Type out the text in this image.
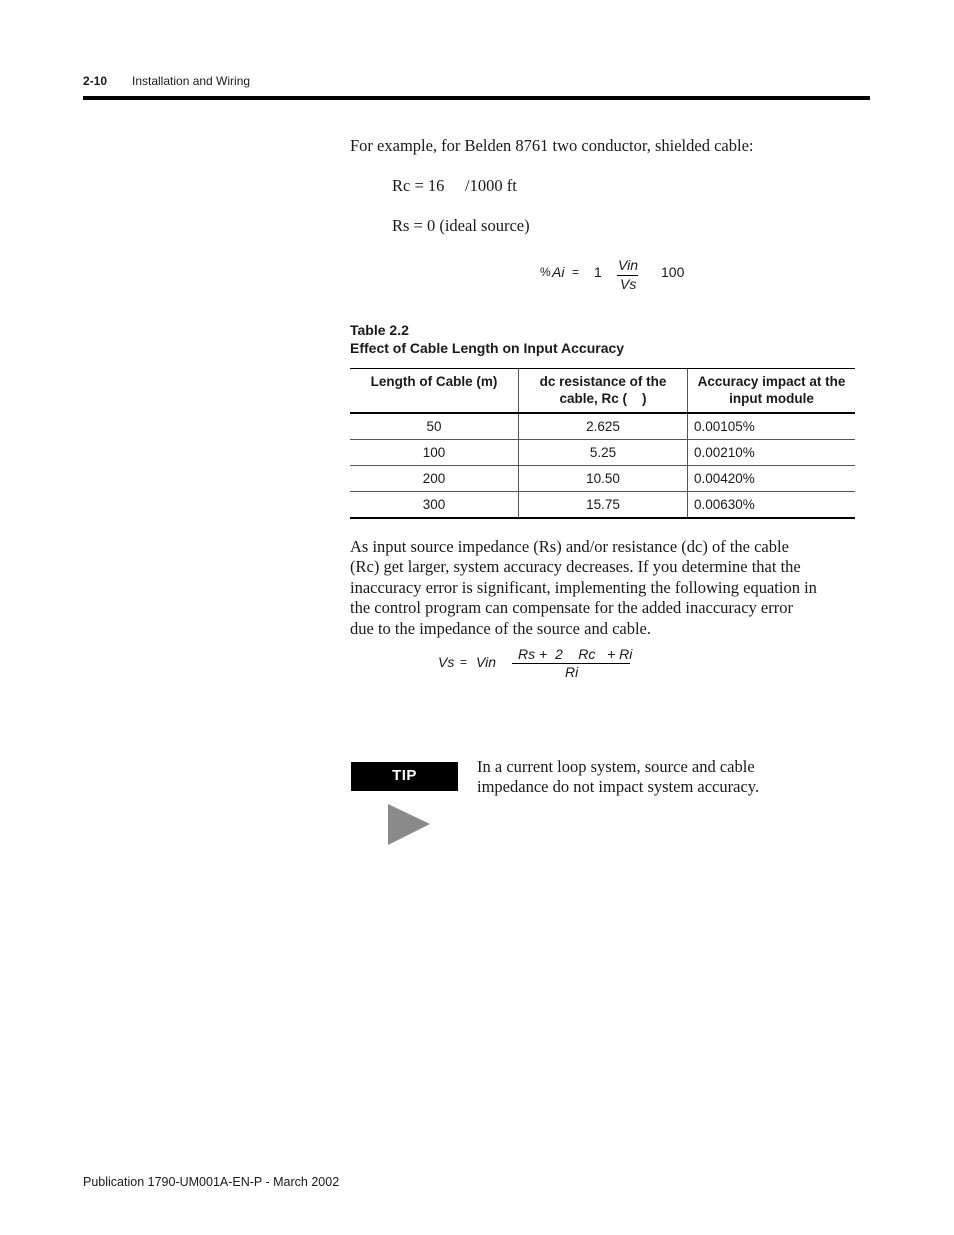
2-10 Installation and Wiring
For example, for Belden 8761 two conductor, shielded cable:
Rc = 16     /1000 ft
Rs = 0 (ideal source)
% Ai = 1 Vin
Vs
100
Table 2.2
Effect of Cable Length on Input Accuracy
Length of Cable (m)	dc resistance of the cable, Rc (    )	Accuracy impact at the input module
50	2.625	0.00105%
100	5.25	0.00210%
200	10.50	0.00420%
300	15.75	0.00630%
As input source impedance (Rs) and/or resistance (dc) of the cable
(Rc) get larger, system accuracy decreases. If you determine that the
inaccuracy error is significant, implementing the following equation in
the control program can compensate for the added inaccuracy error
due to the impedance of the source and cable.
Vs = Vin Rs +  2    Rc   + Ri
Ri
TIP	In a current loop system, source and cable
impedance do not impact system accuracy.
Publication 1790-UM001A-EN-P - March 2002
